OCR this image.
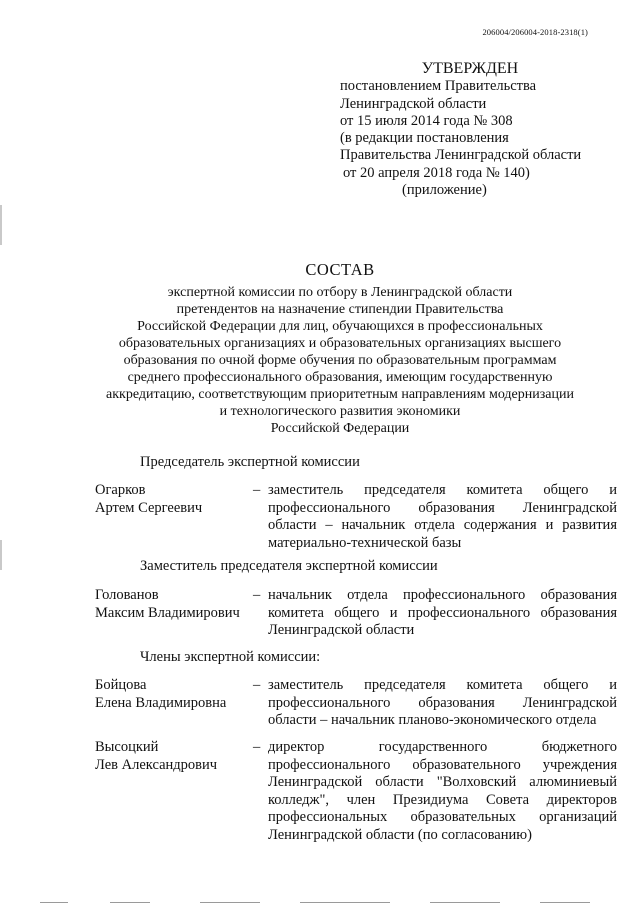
206004/206004-2018-2318(1)
УТВЕРЖДЕН
постановлением Правительства
Ленинградской области
от 15 июля 2014 года № 308
(в редакции постановления
Правительства Ленинградской области
от 20 апреля 2018 года № 140)
(приложение)
СОСТАВ
экспертной комиссии по отбору в Ленинградской области
претендентов на назначение стипендии Правительства
Российской Федерации для лиц, обучающихся в профессиональных
образовательных организациях и образовательных организациях высшего
образования по очной форме обучения по образовательным программам
среднего профессионального образования, имеющим государственную
аккредитацию, соответствующим приоритетным направлениям модернизации
и технологического развития экономики
Российской Федерации
Председатель экспертной комиссии
Огарков
Артем Сергеевич
– заместитель председателя комитета общего и профессионального образования Ленинградской области – начальник отдела содержания и развития материально-технической базы
Заместитель председателя экспертной комиссии
Голованов
Максим Владимирович
– начальник отдела профессионального образования комитета общего и профессионального образования Ленинградской области
Члены экспертной комиссии:
Бойцова
Елена Владимировна
– заместитель председателя комитета общего и профессионального образования Ленинградской области – начальник планово-экономического отдела
Высоцкий
Лев Александрович
– директор государственного бюджетного профессионального образовательного учреждения Ленинградской области "Волховский алюминиевый колледж", член Президиума Совета директоров профессиональных образовательных организаций Ленинградской области (по согласованию)
